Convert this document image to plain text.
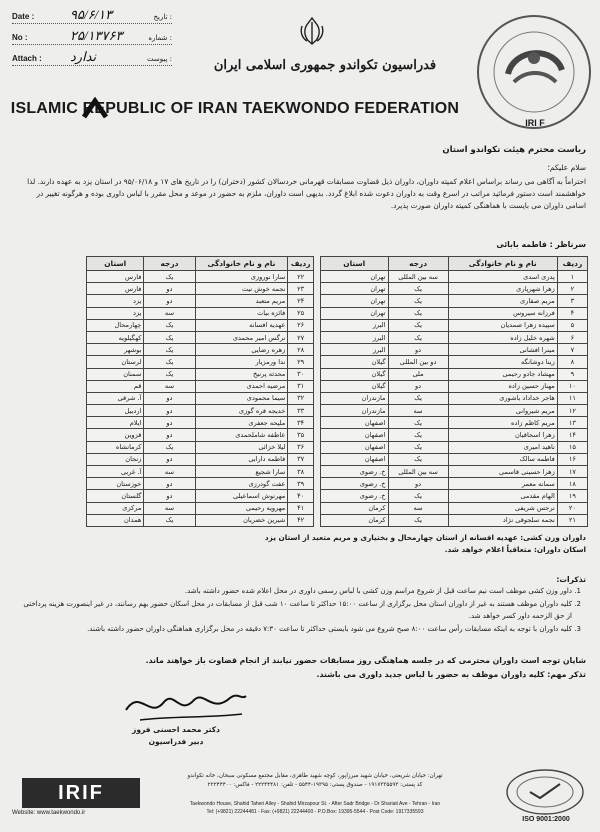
Date :	۹۵/۶/۱۳	تاریخ :
No :	۲۵/۱۳۷۶۳	شماره :
Attach : ندارد	پیوست :	فدراسیون تکواندو جمهوری اسلامی ایران
ISLAMIC REPUBLIC OF IRAN TAEKWONDO FEDERATION
IRI F
ریاست محترم هیئت تکواندو استان
سلام علیکم؛
احتراماً به آگاهی می رساند براساس اعلام کمیته داوران، داوران ذیل قضاوت مسابقات قهرمانی خردسالان کشور (دختران) را در تاریخ های ۱۷ و ۹۵/۰۶/۱۸ در استان یزد به عهده دارند. لذا خواهشمند است دستور فرمائید مراتب در اسرع وقت به داوران دعوت شده ابلاغ گردد. بدیهی است داوران، ملزم به حضور در موعد و محل مقرر با لباس داوری بوده و هرگونه تغییر در اسامی داوران می بایست با هماهنگی کمیته داوران صورت پذیرد.
سرناظر : فاطمه بابائی
ردیف	نام و نام خانوادگی	درجه	استان
۱	پدری اسدی	سه بین المللی	تهران
۲	زهرا شهرپاری	یک	تهران
۳	مریم صفاری	یک	تهران
۴	فرزانه سیروس	یک	تهران
۵	سپیده زهرا صمدیان	یک	البرز
۶	شهره خلیل زاده	یک	البرز
۷	مینرا افشانی	دو	البرز
۸	زینا دوشانگه	دو بین المللی	گیلان
۹	مهشاد جادو رحیمی	ملی	گیلان
۱۰	مهناز حسین زاده	دو	گیلان
۱۱	هاجر خداداد باشوری	یک	مازندران
۱۲	مریم شیروانی	سه	مازندران
۱۳	مریم کاظم زاده	یک	اصفهان
۱۴	زهرا اسحاقیان	یک	اصفهان
۱۵	ناهید امیری	یک	اصفهان
۱۶	فاطمه سالک	یک	اصفهان
۱۷	زهرا حسینی قاسمی	سه بین المللی	خ. رضوی
۱۸	سمانه معمر	دو	خ. رضوی
۱۹	الهام مقدمی	یک	خ. رضوی
۲۰	نرجس شریفی	سه	کرمان
۲۱	نجمه سلجوقی نژاد	یک	کرمان
ردیف	نام و نام خانوادگی	درجه	استان
۲۲	سارا نوروزی	یک	فارس
۲۳	نجمه خوش نیت	دو	فارس
۲۴	مریم متعبد	دو	یزد
۲۵	فائزه بیات	سه	یزد
۲۶	عهدیه افسانه	یک	چهارمحال
۲۷	نرگس امیر محمدی	یک	کهگیلویه
۲۸	زهره رضایی	یک	بوشهر
۲۹	ندا ورمزیار	یک	لرستان
۳۰	محدثه پرنیخ	یک	سمنان
۳۱	مرضیه احمدی	سه	قم
۳۲	سیما محمودی	دو	آ. شرقی
۳۳	خدیجه قره گوزی	دو	اردبیل
۳۴	ملیحه جعفری	دو	ایلام
۳۵	عاطفه شاملحمدی	دو	قزوین
۳۶	لیلا خزائی	یک	کرمانشاه
۳۷	فاطمه دارابی	دو	زنجان
۳۸	سارا شجیع	سه	آ. غربی
۳۹	عفت گودرزی	دو	خوزستان
۴۰	مهرنوش اسماعیلی	دو	گلستان
۴۱	مهرویه رحیمی	سه	مرکزی
۴۲	شیرین خضریان	یک	همدان
داوران وزن کشی: عهدیه افسانه از استان چهارمحال و بختیاری و مریم متعبد از استان یزد
اسکان داوران: متعاقباً اعلام خواهد شد.
تذکرات:
1. داور وزن کشی موظف است نیم ساعت قبل از شروع مراسم وزن کشی با لباس رسمی داوری در محل اعلام شده حضور داشته باشد.
2. کلیه داوران موظف هستند به غیر از داوران استان محل برگزاری از ساعت ۱۵:۰۰ حداکثر تا ساعت ۱۰ شب قبل از مسابقات در محل اسکان حضور بهم رسانند، در غیر اینصورت هزینه پرداختی از حق الزحمه داور کسر خواهد شد.
3. کلیه داوران با توجه به اینکه مسابقات رأس ساعت ۸:۰۰ صبح شروع می شود بایستی حداکثر تا ساعت ۷:۳۰ دقیقه در محل برگزاری هماهنگی داوران حضور داشته باشند.
شایان توجه است داوران محترمی که در جلسه هماهنگی روز مسابقات حضور نیابند از انجام قضاوت باز خواهند ماند.
تذکر مهم: کلیه داوران موظف به حضور با لباس جدید داوری می باشند.
دکتر محمد احسنی فروز
دبیر فدراسیون
IRIF
Website: www.taekwondo.ir
تهران: خیابان شریعتی، خیابان شهید میرزاپور، کوچه شهید طاهری، مقابل مجتمع مسکونی سبحان، خانه تکواندو
کد پستی: ۱۹۱۷۳۳۵۵۹۳ - صندوق پستی: ۱۹۳۹۵-۵۵۴۴ - تلفن: ۲۲۲۴۴۴۸۱ - فاکس: ۲۲۲۴۴۴۰۰
Taekwondo House, Shahid Taheri Alley - Shahid Mirzapour St. - After Sadr Bridge - Dr Shariati Ave - Tehran - Iran
Tel: (+9821) 22244481 - Fax: (+9821) 22244400 - P.O.Box: 19395-5544 - Post Code: 1917335593
ISO 9001:2000
